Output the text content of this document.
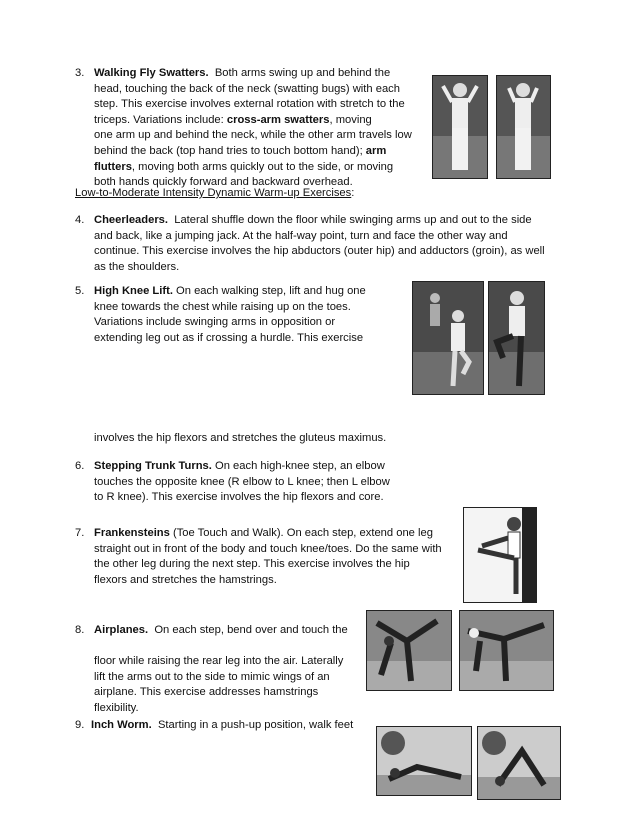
3. Walking Fly Swatters. Both arms swing up and behind the
head, touching the back of the neck (swatting bugs) with each
step. This exercise involves external rotation with stretch to the
triceps. Variations include: cross-arm swatters, moving
one arm up and behind the neck, while the other arm travels low
behind the back (top hand tries to touch bottom hand); arm
flutters, moving both arms quickly out to the side, or moving
both hands quickly forward and backward overhead.
Low-to-Moderate Intensity Dynamic Warm-up Exercises:
4. Cheerleaders. Lateral shuffle down the floor while swinging arms up and out to the side
and back, like a jumping jack. At the half-way point, turn and face the other way and
continue. This exercise involves the hip abductors (outer hip) and adductors (groin), as well
as the shoulders.
5. High Knee Lift. On each walking step, lift and hug one
knee towards the chest while raising up on the toes.
Variations include swinging arms in opposition or
extending leg out as if crossing a hurdle. This exercise
involves the hip flexors and stretches the gluteus maximus.
6. Stepping Trunk Turns. On each high-knee step, an elbow
touches the opposite knee (R elbow to L knee; then L elbow
to R knee). This exercise involves the hip flexors and core.
7. Frankensteins (Toe Touch and Walk). On each step, extend one leg
straight out in front of the body and touch knee/toes. Do the same with
the other leg during the next step. This exercise involves the hip
flexors and stretches the hamstrings.
8. Airplanes. On each step, bend over and touch the
floor while raising the rear leg into the air. Laterally
lift the arms out to the side to mimic wings of an
airplane. This exercise addresses hamstrings
flexibility.
9. Inch Worm. Starting in a push-up position, walk feet
